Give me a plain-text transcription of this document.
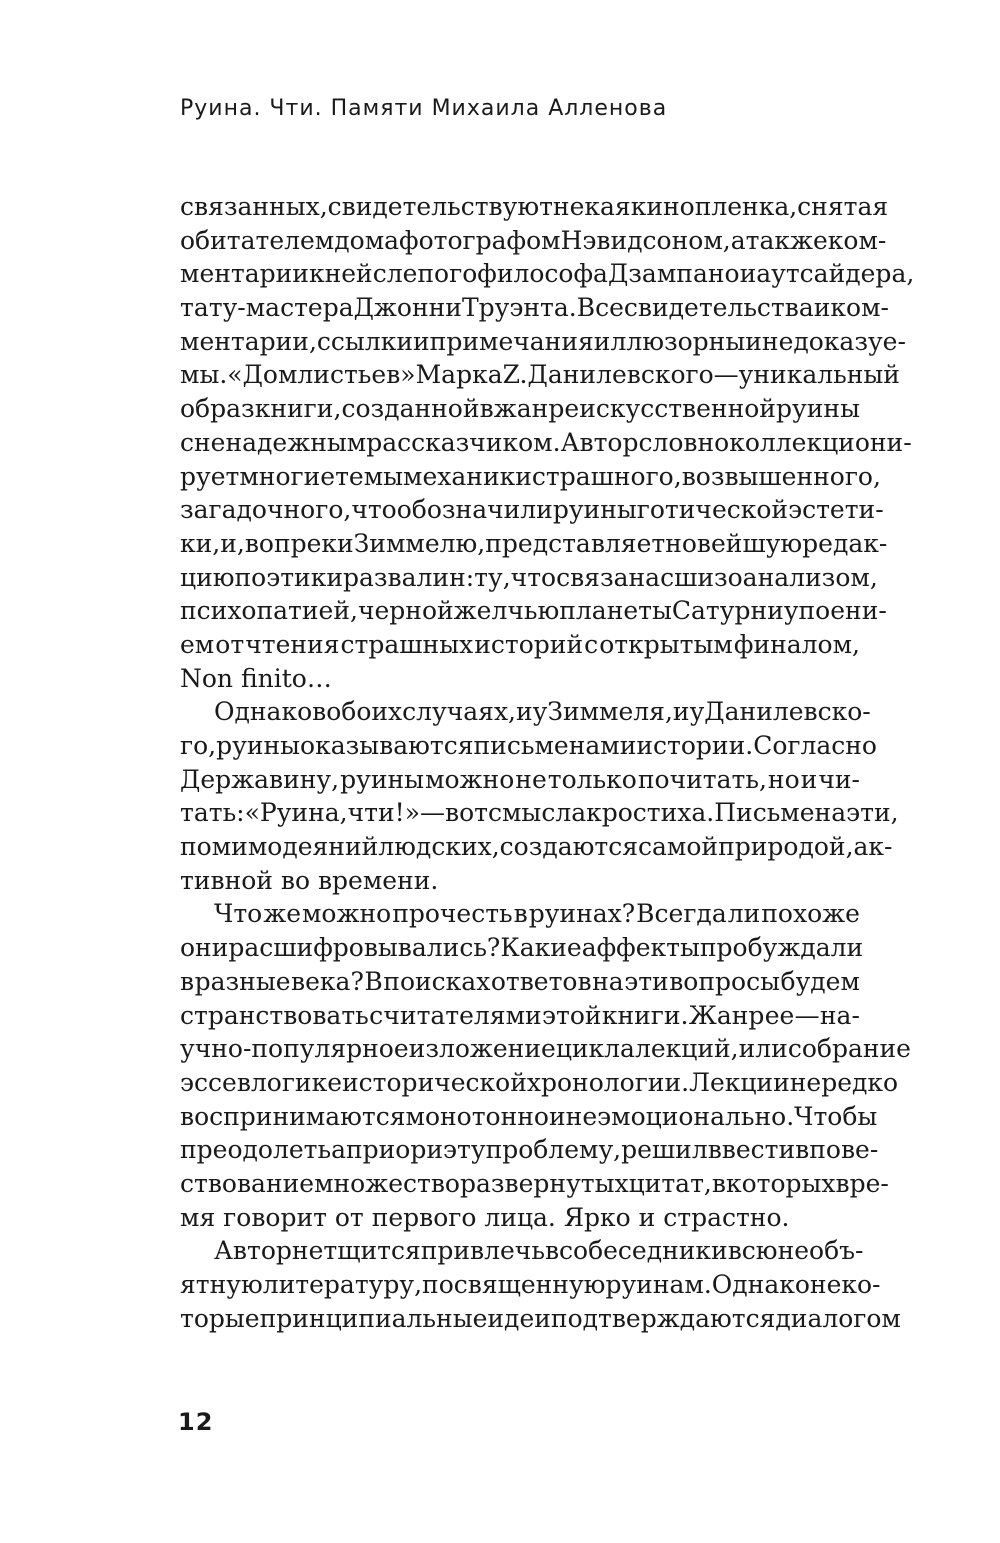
Руина. Чти. Памяти Михаила Алленова
связанных, свидетельствуют некая кинопленка, снятая
обитателем дома фотографом Нэвидсоном, а также ком-
ментарии к ней слепого философа Дзампано и аутсайдера,
тату-мастера Джонни Труэнта. Все свидетельства и ком-
ментарии, ссылки и примечания иллюзорны и недоказуе-
мы. «Дом листьев» Марка Z. Данилевского — уникальный
образ книги, созданной в жанре искусственной руины
с ненадежным рассказчиком. Автор словно коллекциони-
рует многие темы механики страшного, возвышенного,
загадочного, что обозначили руины готической эстети-
ки, и, вопреки Зиммелю, представляет новейшую редак-
цию поэтики развалин: ту, что связана с шизоанализом,
психопатией, черной желчью планеты Сатурн и упоени-
ем от чтения страшных историй с открытым финалом,
Non finito…
Однако в обоих случаях, и у Зиммеля, и у Данилевско-
го, руины оказываются письменами истории. Согласно
Державину, руины можно не только почитать, но и чи-
тать: «Руина, чти!» — вот смысл акростиха. Письмена эти,
помимо деяний людских, создаются самой природой, ак-
тивной во времени.
Что же можно прочесть в руинах? Всегда ли похоже
они расшифровывались? Какие аффекты пробуждали
в разные века? В поисках ответов на эти вопросы будем
странствовать с читателями этой книги. Жанр ее — на-
учно-популярное изложение цикла лекций, или собрание
эссе в логике исторической хронологии. Лекции нередко
воспринимаются монотонно и неэмоционально. Чтобы
преодолеть априори эту проблему, решил ввести в пове-
ствование множество развернутых цитат, в которых вре-
мя говорит от первого лица. Ярко и страстно.
Автор не тщится привлечь в собеседники всю необъ-
ятную литературу, посвященную руинам. Однако неко-
торые принципиальные идеи подтверждаются диалогом
12
